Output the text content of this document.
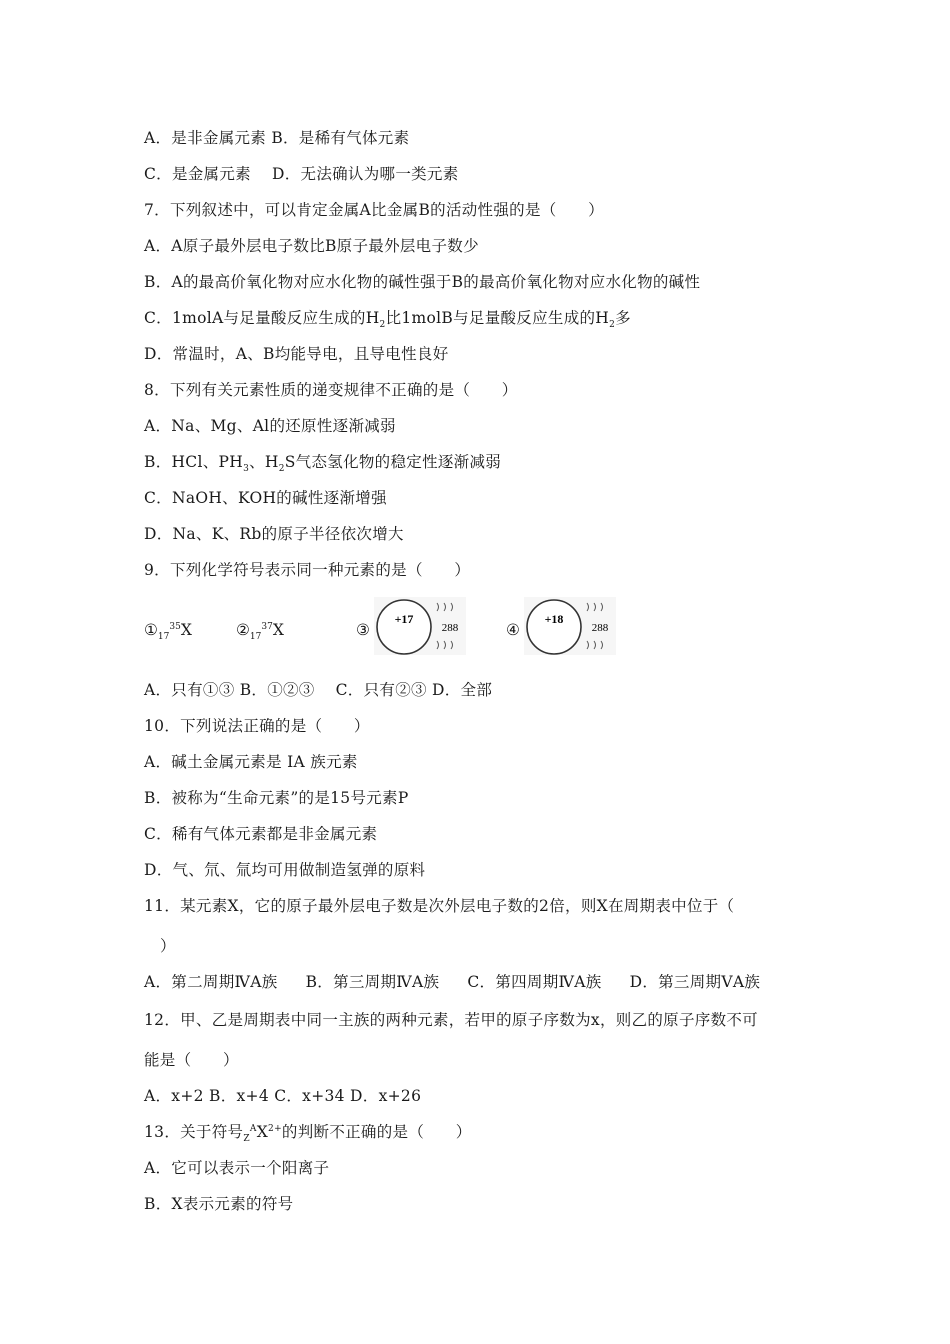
A．是非金属元素 B．是稀有气体元素
C．是金属元素　 D．无法确认为哪一类元素
7．下列叙述中，可以肯定金属A比金属B的活动性强的是（　　）
A．A原子最外层电子数比B原子最外层电子数少
B．A的最高价氧化物对应水化物的碱性强于B的最高价氧化物对应水化物的碱性
C．1molA与足量酸反应生成的$H_2$比1molB与足量酸反应生成的$H_2$多
D．常温时，A、B均能导电，且导电性良好
8．下列有关元素性质的递变规律不正确的是（　　）
A．Na、Mg、Al的还原性逐渐减弱
B．HCl、$PH_3$、$H_2S$气态氢化物的稳定性逐渐减弱
C．NaOH、KOH的碱性逐渐增强
D．Na、K、Rb的原子半径依次增大
9．下列化学符号表示同一种元素的是（　　）
$①_{17}^{35}X$	$②_{17}^{37}X$	③
+17
288	④
+18
288
A．只有①③ B．①②③　 C．只有②③ D．全部
10．下列说法正确的是（　　）
A．碱土金属元素是 IA 族元素
B．被称为“生命元素”的是15号元素P
C．稀有气体元素都是非金属元素
D．气、氘、氚均可用做制造氢弹的原料
11．某元素X，它的原子最外层电子数是次外层电子数的2倍，则X在周期表中位于（
）
A．第二周期ⅣA族 B．第三周期ⅣA族 C．第四周期ⅣA族 D．第三周期ⅤA族
12．甲、乙是周期表中同一主族的两种元素，若甲的原子序数为x，则乙的原子序数不可
能是（　　）
A．x+2 B．x+4 C．x+34 D．x+26
13．关于符号$_Z^AX^{2+}$的判断不正确的是（　　）
A．它可以表示一个阳离子
B．X表示元素的符号
